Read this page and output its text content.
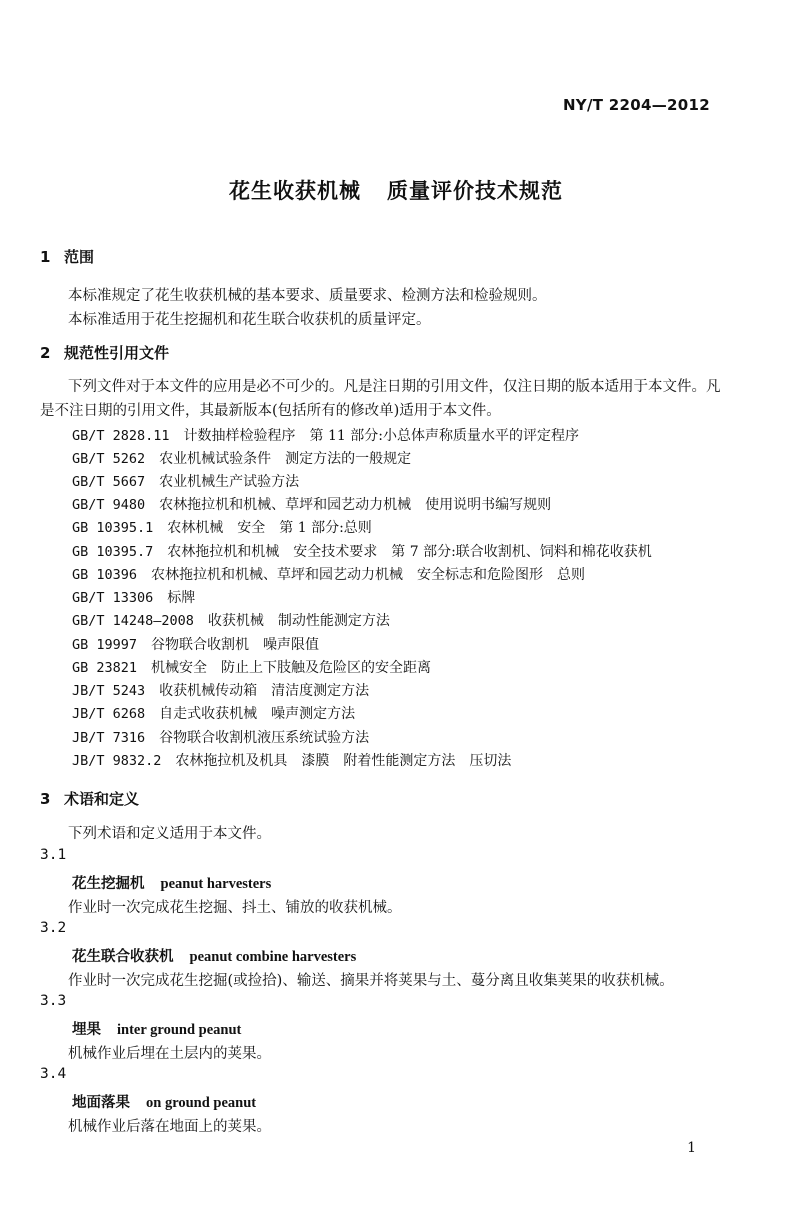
NY/T 2204—2012
花生收获机械 质量评价技术规范
1 范围
本标准规定了花生收获机械的基本要求、质量要求、检测方法和检验规则。
本标准适用于花生挖掘机和花生联合收获机的质量评定。
2 规范性引用文件
下列文件对于本文件的应用是必不可少的。凡是注日期的引用文件，仅注日期的版本适用于本文件。凡是不注日期的引用文件，其最新版本(包括所有的修改单)适用于本文件。
GB/T 2828.11 计数抽样检验程序　第 11 部分:小总体声称质量水平的评定程序
GB/T 5262 农业机械试验条件　测定方法的一般规定
GB/T 5667 农业机械生产试验方法
GB/T 9480 农林拖拉机和机械、草坪和园艺动力机械　使用说明书编写规则
GB 10395.1 农林机械　安全　第 1 部分:总则
GB 10395.7 农林拖拉机和机械　安全技术要求　第 7 部分:联合收割机、饲料和棉花收获机
GB 10396 农林拖拉机和机械、草坪和园艺动力机械　安全标志和危险图形　总则
GB/T 13306 标牌
GB/T 14248—2008 收获机械　制动性能测定方法
GB 19997 谷物联合收割机　噪声限值
GB 23821 机械安全　防止上下肢触及危险区的安全距离
JB/T 5243 收获机械传动箱　清洁度测定方法
JB/T 6268 自走式收获机械　噪声测定方法
JB/T 7316 谷物联合收割机液压系统试验方法
JB/T 9832.2 农林拖拉机及机具　漆膜　附着性能测定方法　压切法
3 术语和定义
下列术语和定义适用于本文件。
3.1
花生挖掘机 peanut harvesters
作业时一次完成花生挖掘、抖土、铺放的收获机械。
3.2
花生联合收获机 peanut combine harvesters
作业时一次完成花生挖掘(或捡拾)、输送、摘果并将荚果与土、蔓分离且收集荚果的收获机械。
3.3
埋果 inter ground peanut
机械作业后埋在土层内的荚果。
3.4
地面落果 on ground peanut
机械作业后落在地面上的荚果。
1
